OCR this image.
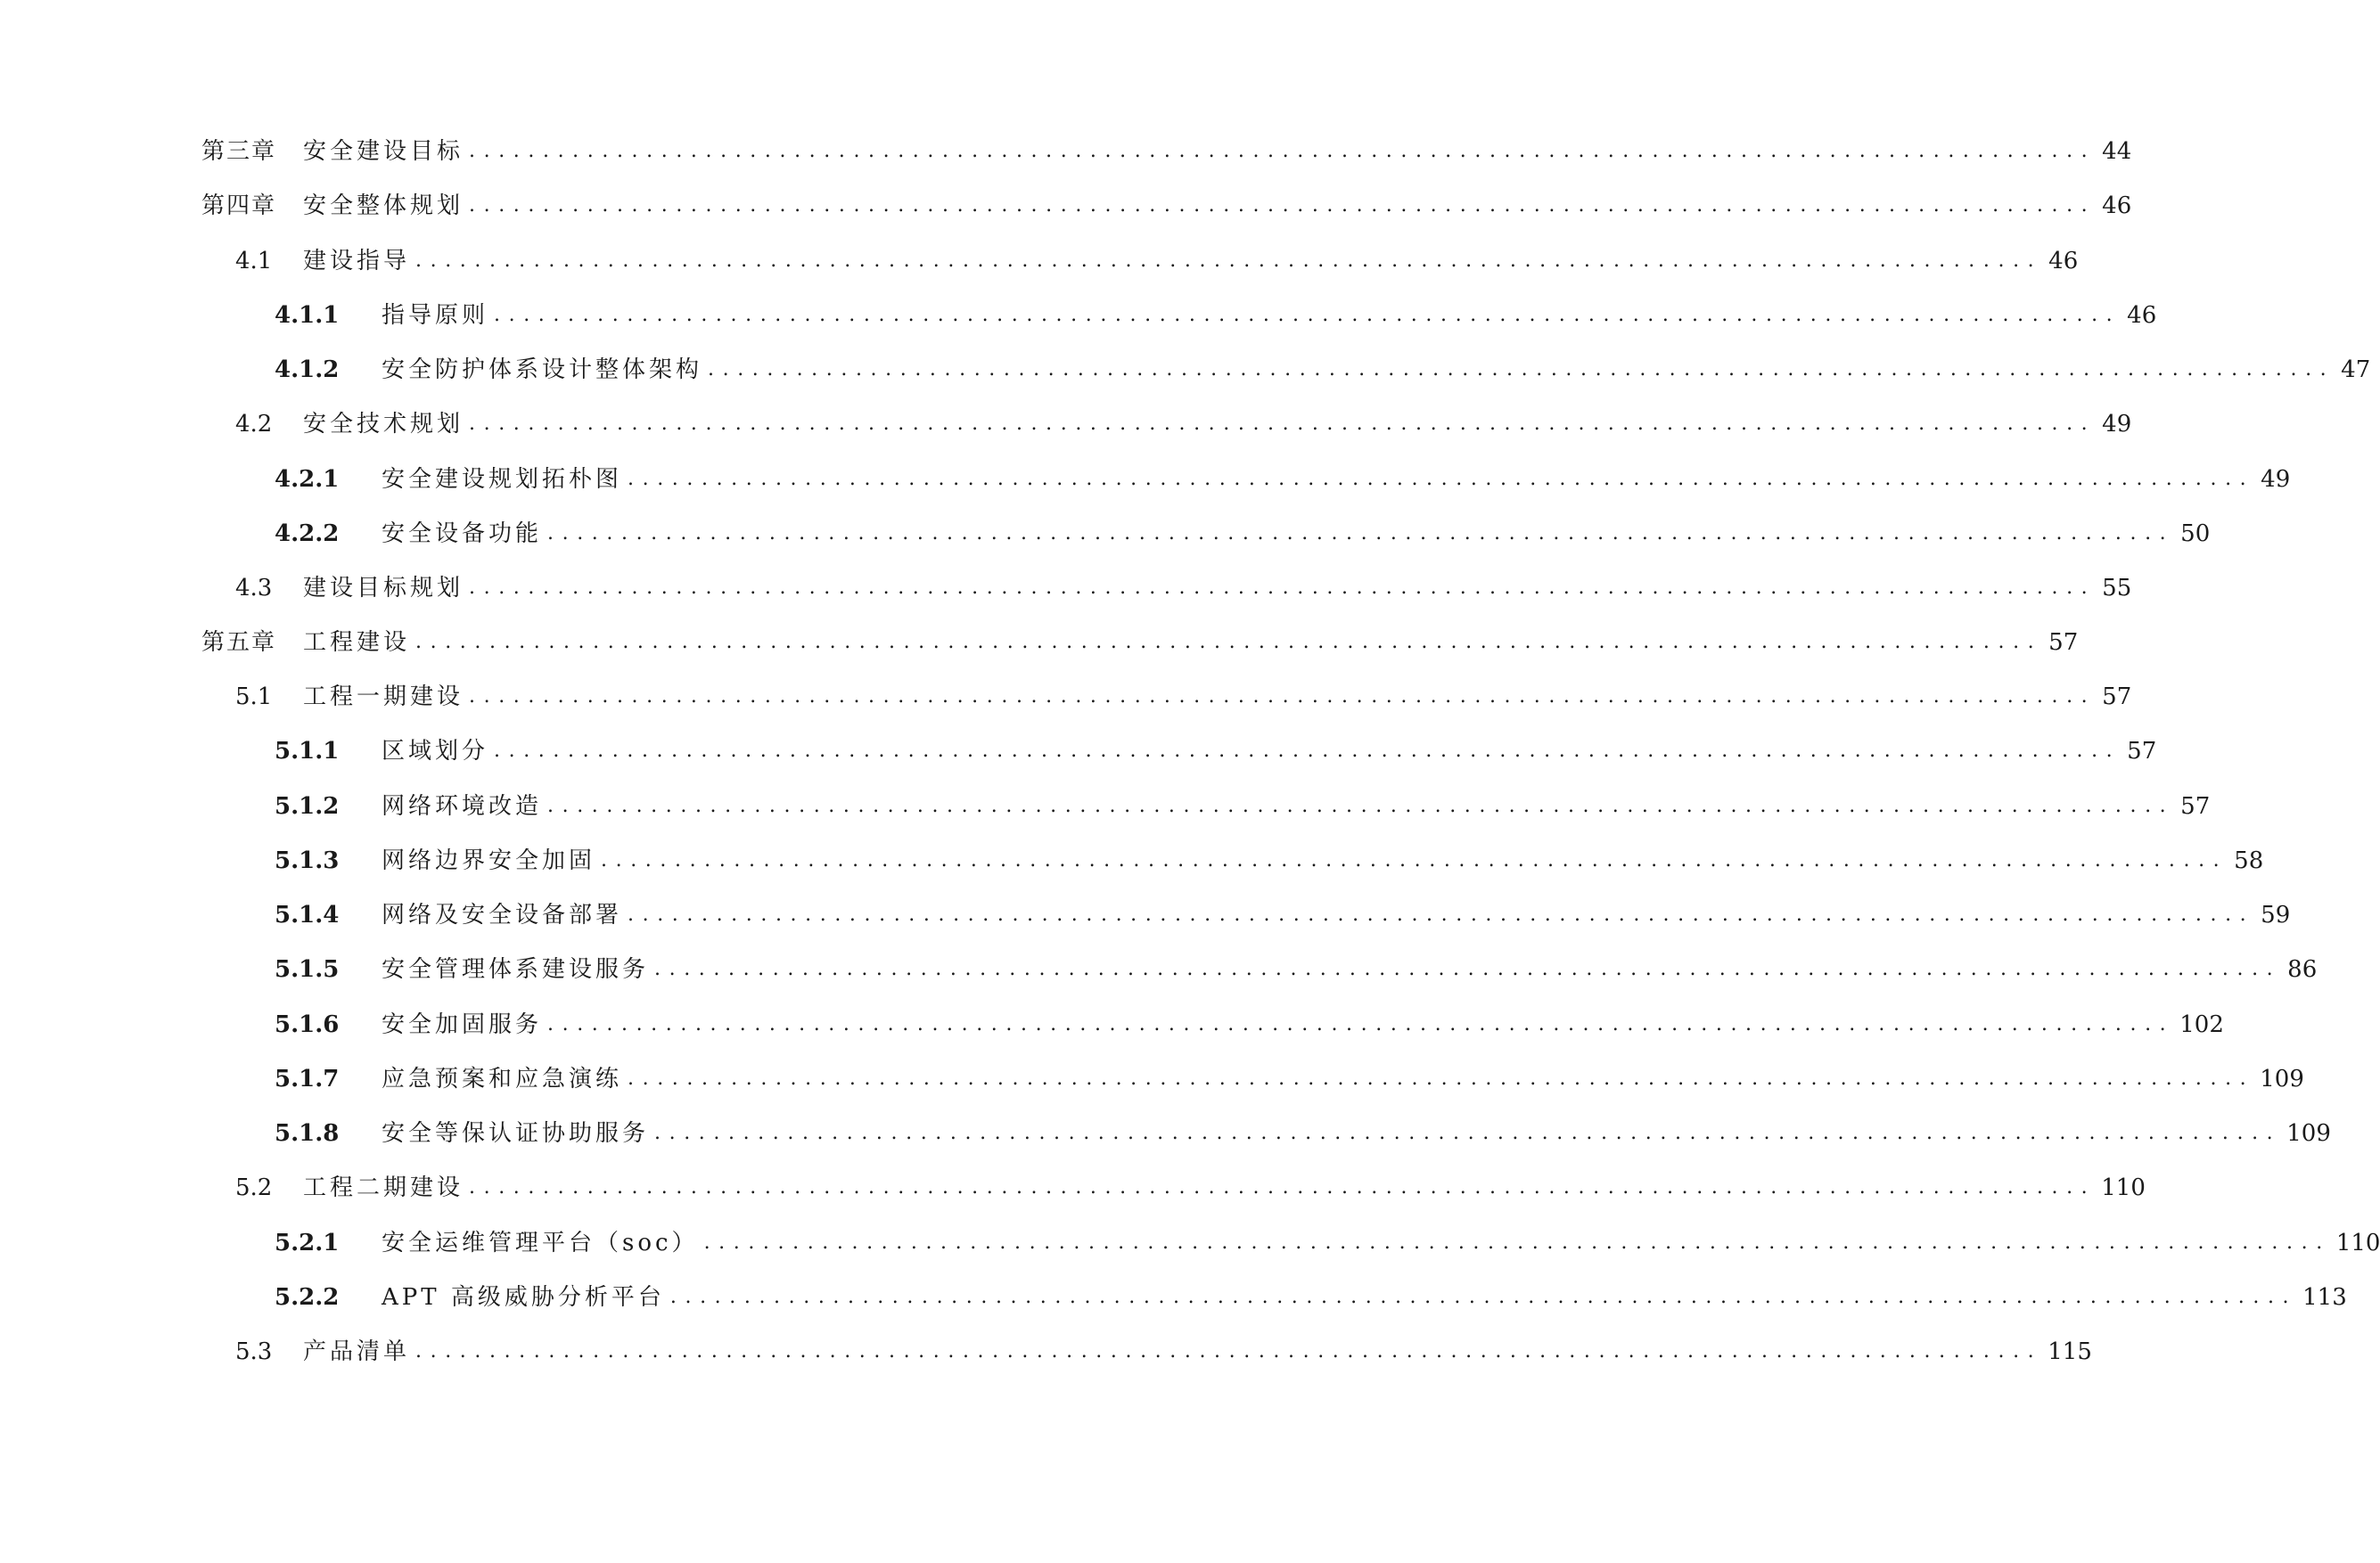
第三章	安全建设目标 .............................................................................................................. 44
第四章	安全整体规划 .............................................................................................................. 46
4.1	建设指导 .............................................................................................................. 46
4.1.1	指导原则 .............................................................................................................. 46
4.1.2	安全防护体系设计整体架构 .............................................................................................................. 47
4.2	安全技术规划 .............................................................................................................. 49
4.2.1	安全建设规划拓朴图 .............................................................................................................. 49
4.2.2	安全设备功能 .............................................................................................................. 50
4.3	建设目标规划 .............................................................................................................. 55
第五章	工程建设 .............................................................................................................. 57
5.1	工程一期建设 .............................................................................................................. 57
5.1.1	区域划分 .............................................................................................................. 57
5.1.2	网络环境改造 .............................................................................................................. 57
5.1.3	网络边界安全加固 .............................................................................................................. 58
5.1.4	网络及安全设备部署 .............................................................................................................. 59
5.1.5	安全管理体系建设服务 .............................................................................................................. 86
5.1.6	安全加固服务 .............................................................................................................. 102
5.1.7	应急预案和应急演练 .............................................................................................................. 109
5.1.8	安全等保认证协助服务 .............................................................................................................. 109
5.2	工程二期建设 .............................................................................................................. 110
5.2.1	安全运维管理平台（soc） .............................................................................................................. 110
5.2.2	APT 高级威胁分析平台 .............................................................................................................. 113
5.3	产品清单 .............................................................................................................. 115
